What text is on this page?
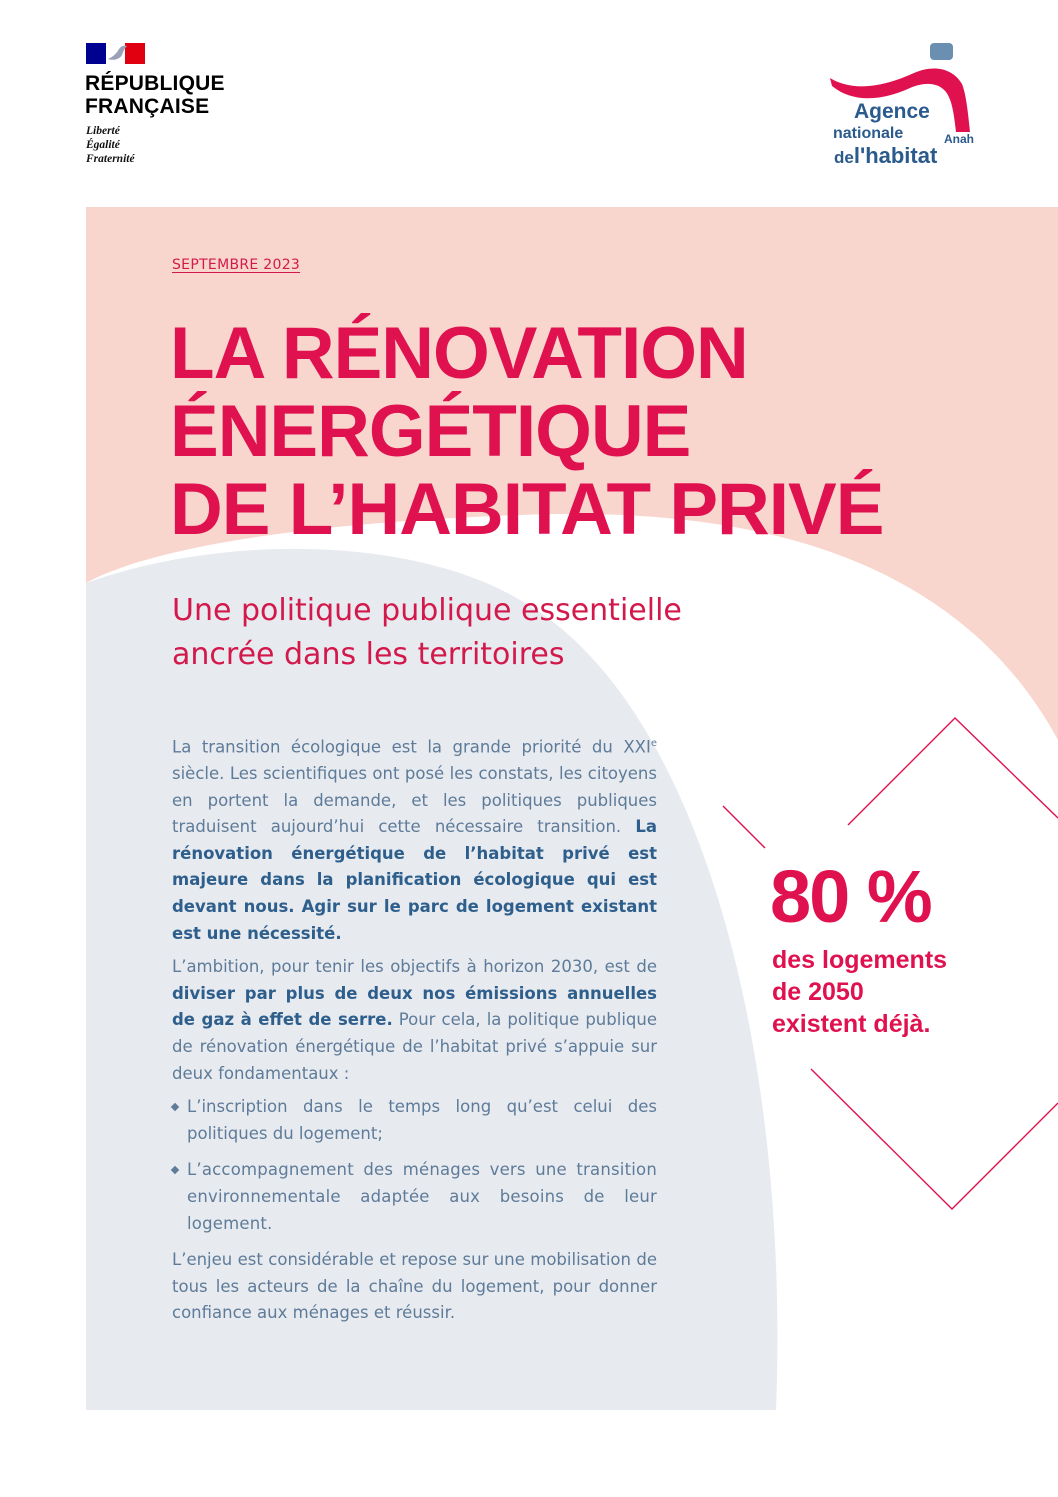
RÉPUBLIQUE
FRANÇAISE
Liberté
Égalité
Fraternité
Agence
nationale
del'habitat
Anah
SEPTEMBRE 2023
LA RÉNOVATION
ÉNERGÉTIQUE
DE L’HABITAT PRIVÉ
Une politique publique essentielle
ancrée dans les territoires

La transition écologique est la grande priorité du XXIe siècle. Les scientifiques ont posé les constats, les citoyens en portent la demande, et les politiques publiques traduisent aujourd’hui cette nécessaire transition. La rénovation énergétique de l’habitat privé est majeure dans la planification écologique qui est devant nous. Agir sur le parc de logement existant est une nécessité.

L’ambition, pour tenir les objectifs à horizon 2030, est de diviser par plus de deux nos émissions annuelles de gaz à effet de serre. Pour cela, la politique publique de rénovation énergétique de l’habitat privé s’appuie sur deux fondamentaux :

L’inscription dans le temps long qu’est celui des politiques du logement;
L’accompagnement des ménages vers une transition environnementale adaptée aux besoins de leur logement.

L’enjeu est considérable et repose sur une mobilisation de tous les acteurs de la chaîne du logement, pour donner confiance aux ménages et réussir.

80 %
des logements
de 2050
existent déjà.
